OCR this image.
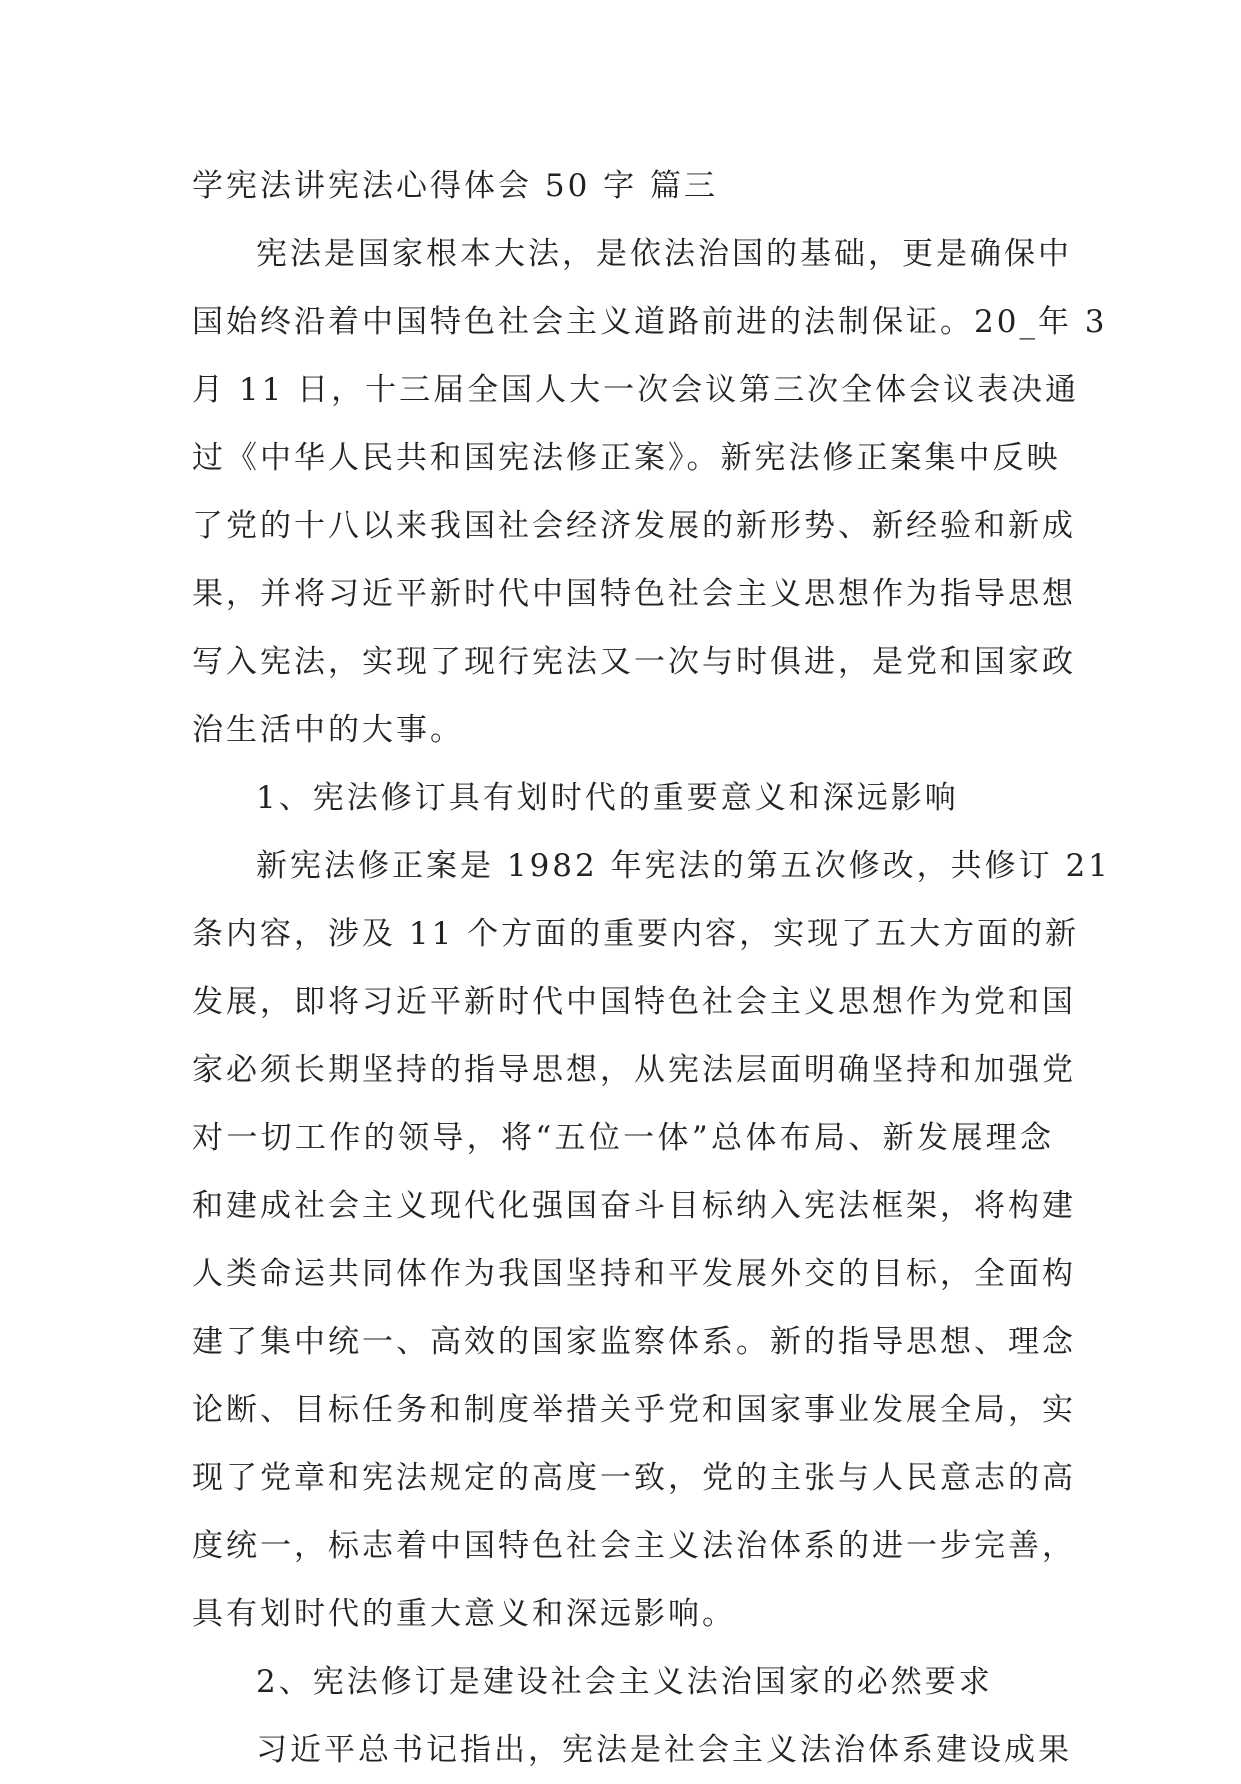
学宪法讲宪法心得体会 50 字 篇三
宪法是国家根本大法，是依法治国的基础，更是确保中
国始终沿着中国特色社会主义道路前进的法制保证。20_年 3
月 11 日，十三届全国人大一次会议第三次全体会议表决通
过《中华人民共和国宪法修正案》。新宪法修正案集中反映
了党的十八以来我国社会经济发展的新形势、新经验和新成
果，并将习近平新时代中国特色社会主义思想作为指导思想
写入宪法，实现了现行宪法又一次与时俱进，是党和国家政
治生活中的大事。
1、宪法修订具有划时代的重要意义和深远影响
新宪法修正案是 1982 年宪法的第五次修改，共修订 21
条内容，涉及 11 个方面的重要内容，实现了五大方面的新
发展，即将习近平新时代中国特色社会主义思想作为党和国
家必须长期坚持的指导思想，从宪法层面明确坚持和加强党
对一切工作的领导，将“五位一体”总体布局、新发展理念
和建成社会主义现代化强国奋斗目标纳入宪法框架，将构建
人类命运共同体作为我国坚持和平发展外交的目标，全面构
建了集中统一、高效的国家监察体系。新的指导思想、理念
论断、目标任务和制度举措关乎党和国家事业发展全局，实
现了党章和宪法规定的高度一致，党的主张与人民意志的高
度统一，标志着中国特色社会主义法治体系的进一步完善，
具有划时代的重大意义和深远影响。
2、宪法修订是建设社会主义法治国家的必然要求
习近平总书记指出，宪法是社会主义法治体系建设成果
